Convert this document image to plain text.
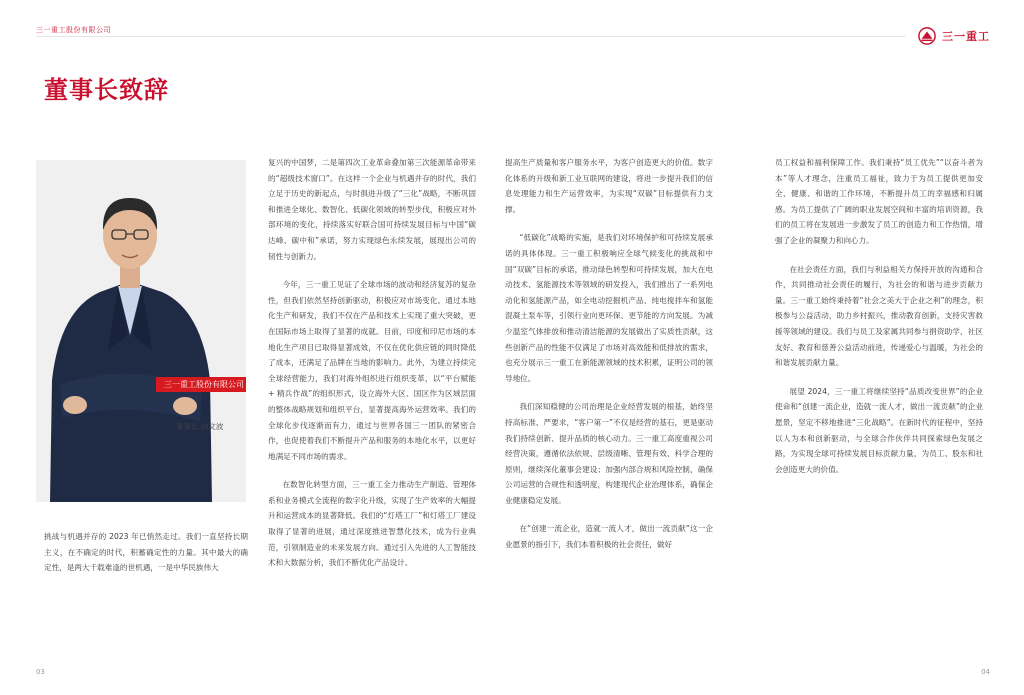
三一重工股份有限公司	三一重工
董事长致辞
三一重工股份有限公司
董事长 向文波

挑战与机遇并存的 2023 年已悄然走过。我们一直坚持长期主义，在不确定的时代，积蓄确定性的力量。其中最大的确定性，是两大千载难逢的世机遇，一是中华民族伟大

复兴的中国梦，二是第四次工业革命叠加第三次能源革命带来的“超级技术窗口”。在这样一个企业与机遇并存的时代，我们立足于历史的新起点，与时俱进升级了“三化”战略，不断巩固和推进全球化、数智化、低碳化领域的转型步伐，积极应对外部环境的变化，持续落实好联合国可持续发展目标与中国“碳达峰、碳中和”承诺，努力实现绿色永续发展，展现出公司的韧性与创新力。

今年，三一重工见证了全球市场的波动和经济复苏的复杂性，但我们依然坚持创新驱动，积极应对市场变化。通过本地化生产和研发，我们不仅在产品和技术上实现了重大突破，更在国际市场上取得了显著的成就。目前，印度和印尼市场的本地化生产项目已取得显著成效，不仅在优化供应链的同时降低了成本，还满足了品牌在当地的影响力。此外，为建立持续完全球经营能力，我们对海外组织进行组织变革，以“平台赋能 + 精兵作战”的组织形式，设立海外大区、国区作为区域层面的整体战略规划和组织平台，显著提高海外运营效率。我们的全球化步伐逐渐而有力，通过与世界各国三一团队的紧密合作，也促使着我们不断提升产品和服务的本地化水平，以更好地满足不同市场的需求。

在数智化转型方面，三一重工全力推动生产制造、管理体系和业务模式全流程的数字化升级，实现了生产效率的大幅提升和运营成本的显著降低。我们的“灯塔工厂”和灯塔工厂建设取得了显著的进展，通过深度推进智慧化技术，成为行业典范，引领制造业的未来发展方向。通过引入先进的人工智能技术和大数据分析，我们不断优化产品设计、

提高生产质量和客户服务水平，为客户创造更大的价值。数字化体系的升级和新工业互联网的建设，将进一步提升我们的信息处理能力和生产运营效率，为实现“双碳”目标提供有力支撑。

“低碳化”战略的实施，是我们对环境保护和可持续发展承诺的具体体现。三一重工积极响应全球气候变化的挑战和中国“双碳”目标的承诺，推动绿色转型和可持续发展，加大在电动技术、氢能源技术等领域的研发投入，我们推出了一系列电动化和氢能源产品，如全电动挖掘机产品、纯电搅拌车和氢能混凝土泵车等，引领行业向更环保、更节能的方向发展。为减少温室气体排放和推动清洁能源的发展做出了实质性贡献，这些创新产品的性能不仅满足了市场对高效能和低排放的需求，也充分展示三一重工在新能源领域的技术积累，证明公司的领导地位。

我们深知稳健的公司治理是企业经营发展的根基，始终坚持高标准、严要求，“客户第一”不仅是经营的基石，更是驱动我们持续创新、提升品质的核心动力。三一重工高度重视公司经营决策，遵循依法依规、层级清晰、管理有效、科学合理的原则，继续深化董事会建设；加强内部合规和风险控制，确保公司运营的合规性和透明度，构建现代企业治理体系，确保企业健康稳定发展。

在“创建一流企业，造就一流人才，做出一流贡献”这一企业愿景的指引下，我们本着积极的社会责任，做好

员工权益和福利保障工作。我们秉持“员工优先”“以奋斗者为本”等人才理念，注重员工福祉，致力于为员工提供更加安全、健康、和谐的工作环境，不断提升员工的幸福感和归属感。为员工提供了广阔的职业发展空间和丰富的培训资源，我们的员工将在发展进一步激发了员工的创造力和工作热情，增强了企业的凝聚力和向心力。

在社会责任方面，我们与利益相关方保持开放的沟通和合作，共同推动社会责任的履行，为社会的和谐与进步贡献力量。三一重工始终秉持着“社会之美大于企业之利”的理念，积极参与公益活动，助力乡村振兴，推动教育创新，支持灾害救援等领域的建设。我们与员工及家属共同参与捐资助学、社区友好、教育和慈善公益活动前进，传递爱心与温暖，为社会的和谐发展贡献力量。

展望 2024，三一重工将继续坚持“品质改变世界”的企业使命和“创建一流企业，造就一流人才，做出一流贡献”的企业愿景，坚定不移地推进“三化战略”。在新时代的征程中，坚持以人为本和创新驱动，与全球合作伙伴共同探索绿色发展之路，为实现全球可持续发展目标贡献力量，为员工、股东和社会创造更大的价值。

03	04
